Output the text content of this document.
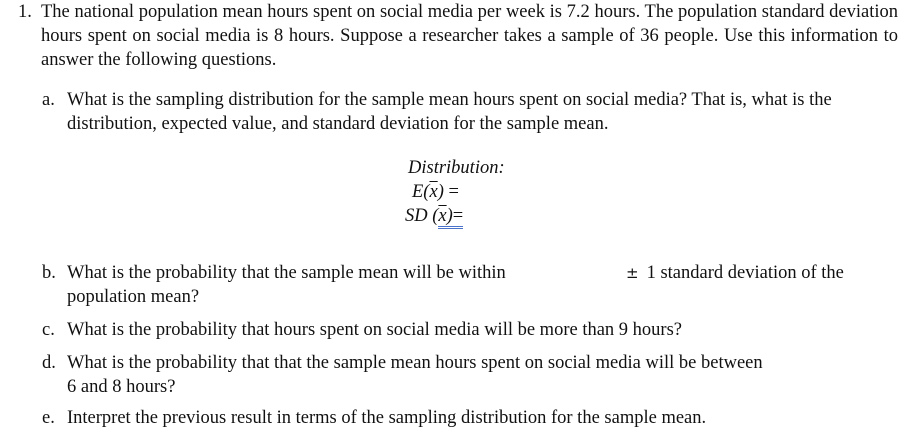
1. The national population mean hours spent on social media per week is 7.2 hours. The population standard deviation hours spent on social media is 8 hours. Suppose a researcher takes a sample of 36 people. Use this information to answer the following questions.
a. What is the sampling distribution for the sample mean hours spent on social media? That is, what is the distribution, expected value, and standard deviation for the sample mean.
Distribution:
$E(\overline{x})$ =
SD $(\overline{x})=$
b. What is the probability that the sample mean will be within	± 1 standard deviation of the
population mean?
c. What is the probability that hours spent on social media will be more than 9 hours?
d. What is the probability that that the sample mean hours spent on social media will be between
6 and 8 hours?
e. Interpret the previous result in terms of the sampling distribution for the sample mean.
